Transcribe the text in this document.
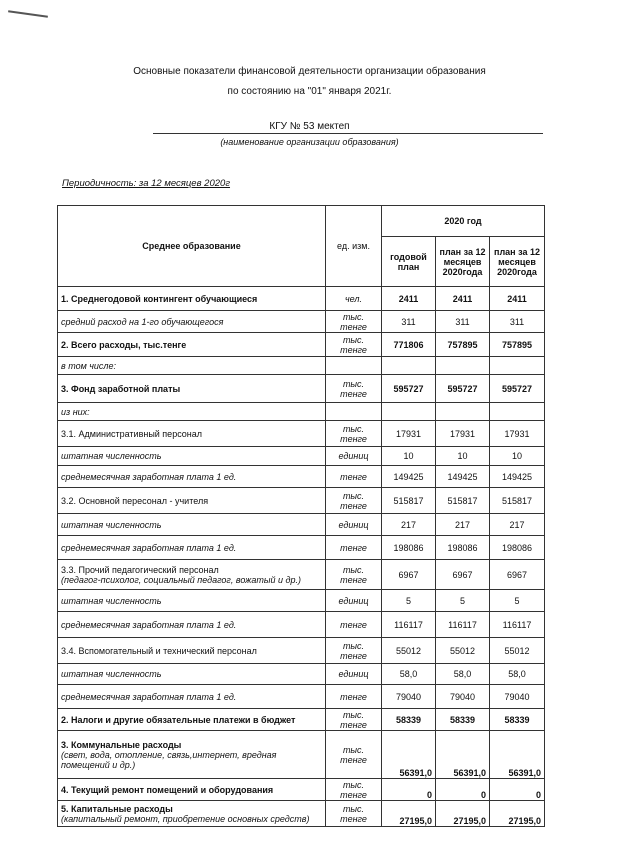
Основные показатели финансовой деятельности организации образования
по состоянию на "01" января 2021г.
КГУ № 53 мектеп
(наименование организации образования)
Периодичность: за 12 месяцев 2020г
Среднее образование	ед. изм.	2020 год		
		годовой план	план за 12 месяцев 2020года	план за 12 месяцев 2020года
1. Среднегодовой контингент обучающиеся	чел.	2411	2411	2411
средний расход на 1-го обучающегося	тыс. тенге	311	311	311
2. Всего расходы, тыс.тенге	тыс. тенге	771806	757895	757895
в том числе:				
3. Фонд заработной платы	тыс. тенге	595727	595727	595727
из них:				
3.1. Административный персонал	тыс. тенге	17931	17931	17931
штатная численность	единиц	10	10	10
среднемесячная заработная плата 1 ед.	тенге	149425	149425	149425
3.2. Основной пересонал - учителя	тыс. тенге	515817	515817	515817
штатная численность	единиц	217	217	217
среднемесячная заработная плата 1 ед.	тенге	198086	198086	198086
3.3. Прочий педагогический персонал
(педагог-психолог, социальный педагог, вожатый и др.)	тыс. тенге	6967	6967	6967
штатная численность	единиц	5	5	5
среднемесячная заработная плата 1 ед.	тенге	116117	116117	116117
3.4. Вспомогательный и технический персонал	тыс. тенге	55012	55012	55012
штатная численность	единиц	58,0	58,0	58,0
среднемесячная заработная плата 1 ед.	тенге	79040	79040	79040
2. Налоги и другие обязательные платежи в бюджет	тыс. тенге	58339	58339	58339
3. Коммунальные расходы
(свет, вода, отопление, связь,интернет, вредная помещений и др.)	тыс. тенге	56391,0	56391,0	56391,0
4. Текущий ремонт помещений и оборудования	тыс. тенге	0	0	0
5. Капитальные расходы
(капитальный ремонт, приобретение основных средств)	тыс. тенге	27195,0	27195,0	27195,0
